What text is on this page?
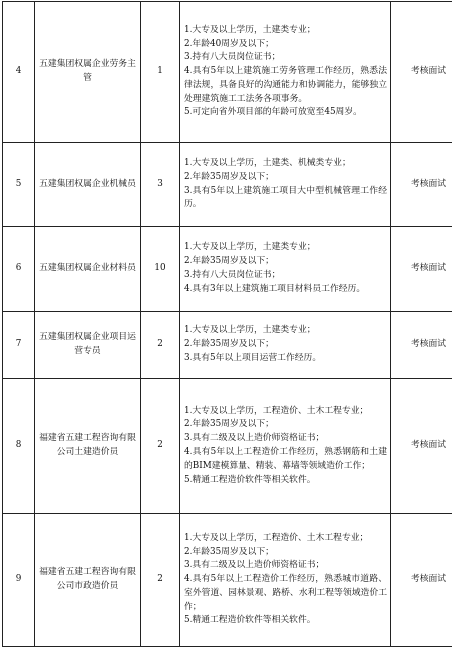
4	五建集团权属企业劳务主管	1	1.大专及以上学历，土建类专业；
2.年龄40周岁及以下；
3.持有八大员岗位证书；
4.具有5年以上建筑施工劳务管理工作经历，熟悉法律法规，具备良好的沟通能力和协调能力，能够独立处理建筑施工工法务各项事务。
5.可定向省外项目部的年龄可放宽至45周岁。	考核面试
5	五建集团权属企业机械员	3	1.大专及以上学历，土建类、机械类专业；
2.年龄35周岁及以下；
3.具有5年以上建筑施工项目大中型机械管理工作经历。	考核面试
6	五建集团权属企业材料员	10	1.大专及以上学历，土建类专业；
2.年龄35周岁及以下；
3.持有八大员岗位证书；
4.具有3年以上建筑施工项目材料员工作经历。	考核面试
7	五建集团权属企业项目运营专员	2	1.大专及以上学历，土建类专业；
2.年龄35周岁及以下；
3.具有5年以上项目运营工作经历。	考核面试
8	福建省五建工程咨询有限公司土建造价员	2	1.大专及以上学历，工程造价、土木工程专业；
2.年龄35周岁及以下；
3.具有二级及以上造价师资格证书；
4.具有5年以上工程造价工作经历，熟悉钢筋和土建的BIM建模算量、精装、幕墙等领域造价工作；
5.精通工程造价软件等相关软件。	考核面试
9	福建省五建工程咨询有限公司市政造价员	2	1.大专及以上学历，工程造价、土木工程专业；
2.年龄35周岁及以下；
3.具有二级及以上造价师资格证书；
4.具有5年以上工程造价工作经历，熟悉城市道路、室外管道、园林景观、路桥、水利工程等领域造价工作；
5.精通工程造价软件等相关软件。	考核面试
